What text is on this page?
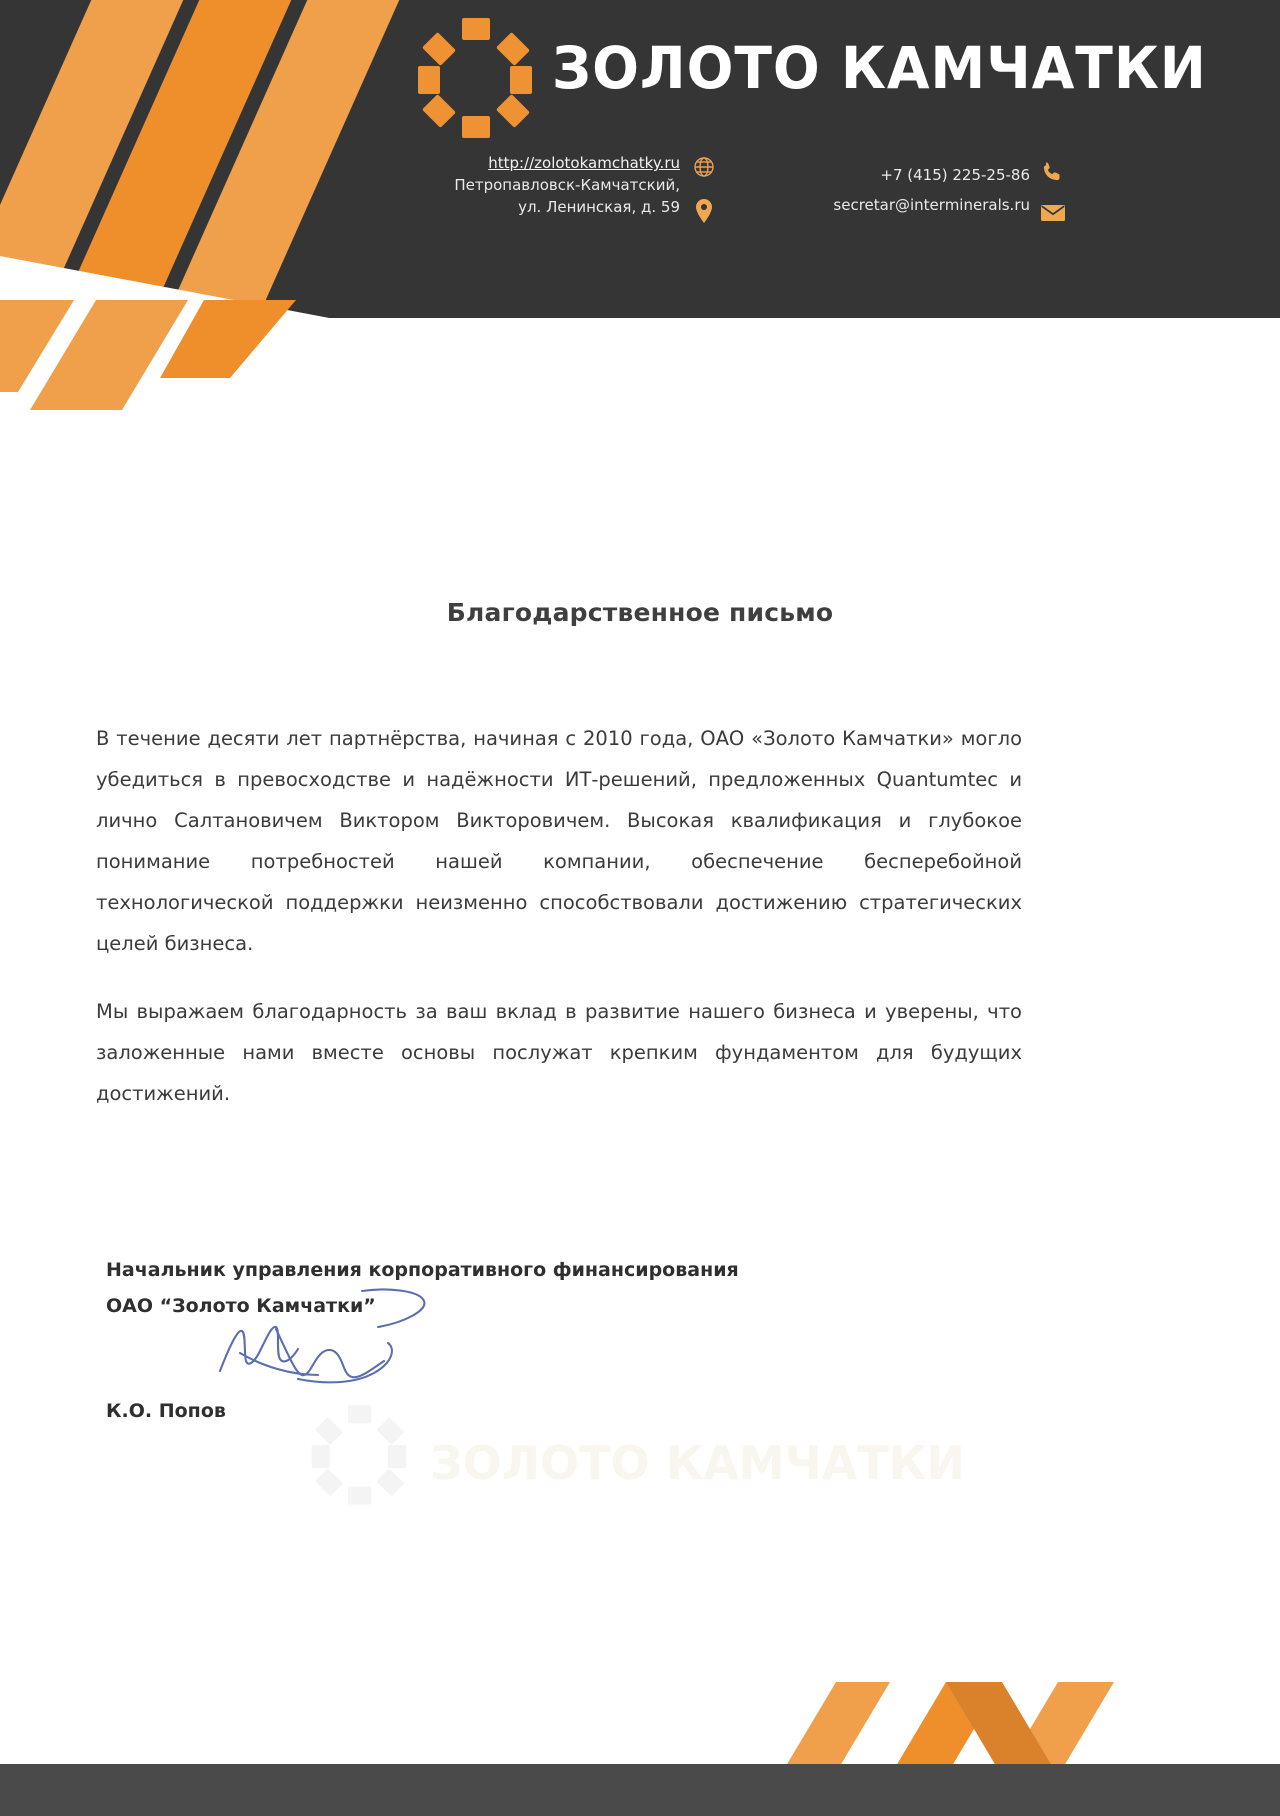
ЗОЛОТО КАМЧАТКИ
http://zolotokamchatky.ru
Петропавловск-Камчатский,
ул. Ленинская, д. 59
+7 (415) 225-25-86
secretar@interminerals.ru
Благодарственное письмо

В течение десяти лет партнёрства, начиная с 2010 года, ОАО «Золото Камчатки» могло убедиться в превосходстве и надёжности ИТ-решений, предложенных Quantumtec и лично Салтановичем Виктором Викторовичем. Высокая квалификация и глубокое понимание потребностей нашей компании, обеспечение бесперебойной технологической поддержки неизменно способствовали достижению стратегических целей бизнеса.

Мы выражаем благодарность за ваш вклад в развитие нашего бизнеса и уверены, что заложенные нами вместе основы послужат крепким фундаментом для будущих достижений.

Начальник управления корпоративного финансирования
ОАО “Золото Камчатки”
К.О. Попов
ЗОЛОТО КАМЧАТКИ
